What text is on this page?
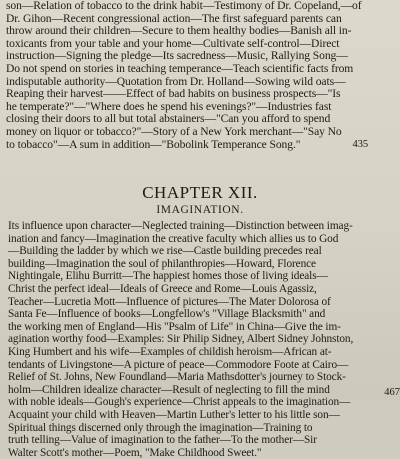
son—Relation of tobacco to the drink habit—Testimony of Dr. Copeland,—of
Dr. Gihon—Recent congressional action—The first safeguard parents can
throw around their children—Secure to them healthy bodies—Banish all in-
toxicants from your table and your home—Cultivate self-control—Direct
instruction—Signing the pledge—Its sacredness—Music, Rallying Song—
Do not spend on stories in teaching temperance—Teach scientific facts from
indisputable authority—Quotation from Dr. Holland—Sowing wild oats—
Reaping their harvest——Effect of bad habits on business prospects—"Is
he temperate?"—"Where does he spend his evenings?"—Industries fast
closing their doors to all but total abstainers—"Can you afford to spend
money on liquor or tobacco?"—Story of a New York merchant—"Say No
to tobacco"—A sum in addition—"Bobolink Temperance Song."	435
CHAPTER XII.
IMAGINATION.
Its influence upon character—Neglected training—Distinction between imag-
ination and fancy—Imagination the creative faculty which allies us to God
—Building the ladder by which we rise—Castle building precedes real
building—Imagination the soul of philanthropies—Howard, Florence
Nightingale, Elihu Burritt—The happiest homes those of living ideals—
Christ the perfect ideal—Ideals of Greece and Rome—Louis Agassiz,
Teacher—Lucretia Mott—Influence of pictures—The Mater Dolorosa of
Santa Fe—Influence of books—Longfellow's "Village Blacksmith" and
the working men of England—His "Psalm of Life" in China—Give the im-
agination worthy food—Examples: Sir Philip Sidney, Albert Sidney Johnston,
King Humbert and his wife—Examples of childish heroism—African at-
tendants of Livingstone—A picture of peace—Commodore Foote at Cairo—
Relief of St. Johns, New Foundland—Maria Mathsdotter's journey to Stock-
holm—Children idealize character—Result of neglecting to fill the mind
with noble ideals—Gough's experience—Christ appeals to the imagination—
Acquaint your child with Heaven—Martin Luther's letter to his little son—
Spiritual things discerned only through the imagination—Training to
truth telling—Value of imagination to the father—To the mother—Sir
Walter Scott's mother—Poem, "Make Childhood Sweet."
467
